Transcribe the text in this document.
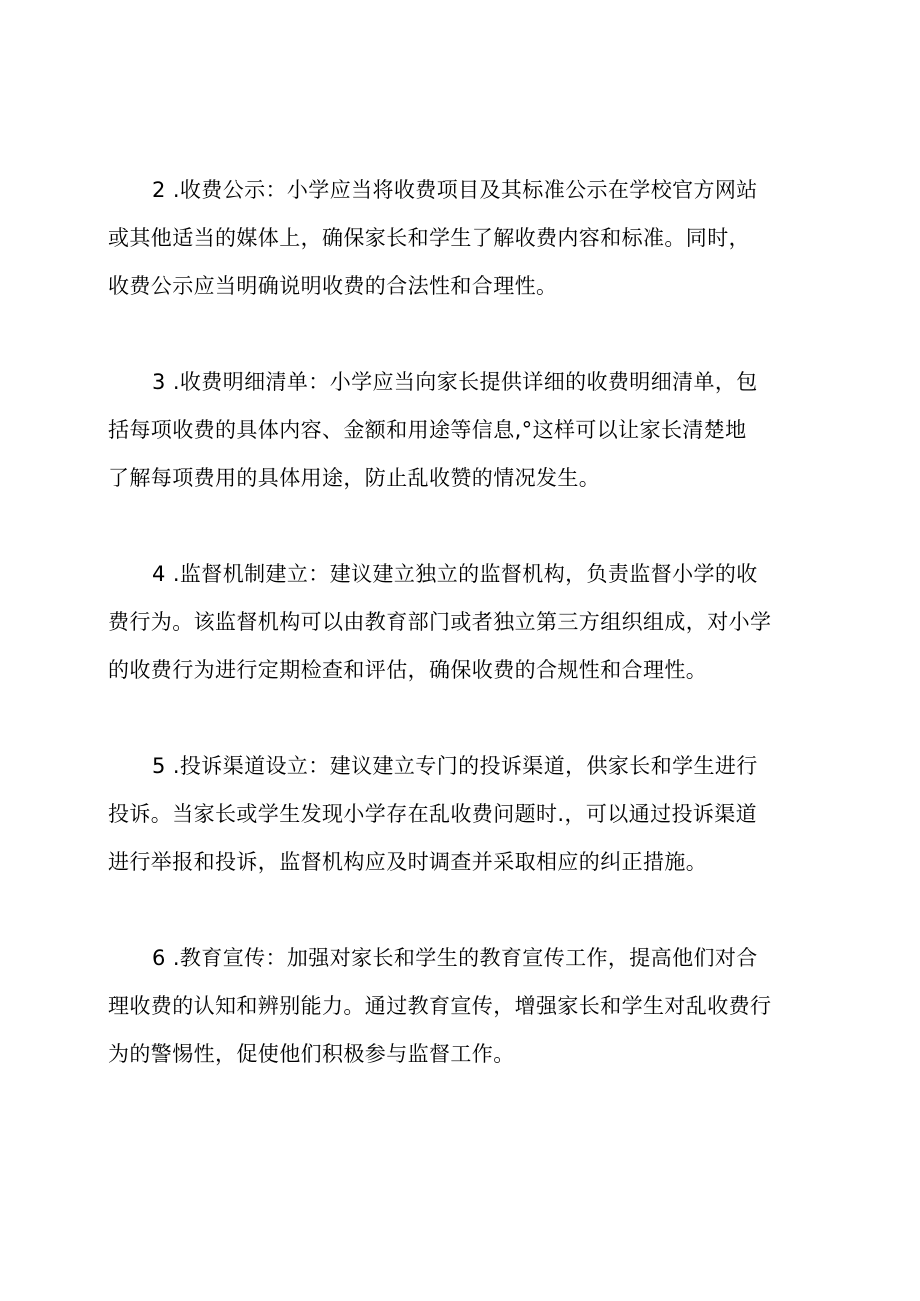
2 .收费公示：小学应当将收费项目及其标准公示在学校官方网站
或其他适当的媒体上，确保家长和学生了解收费内容和标准。同时，
收费公示应当明确说明收费的合法性和合理性。

3 .收费明细清单：小学应当向家长提供详细的收费明细清单，包
括每项收费的具体内容、金额和用途等信息,°这样可以让家长清楚地
了解每项费用的具体用途，防止乱收赞的情况发生。

4 .监督机制建立：建议建立独立的监督机构，负责监督小学的收
费行为。该监督机构可以由教育部门或者独立第三方组织组成，对小学
的收费行为进行定期检查和评估，确保收费的合规性和合理性。

5 .投诉渠道设立：建议建立专门的投诉渠道，供家长和学生进行
投诉。当家长或学生发现小学存在乱收费问题时.，可以通过投诉渠道
进行举报和投诉，监督机构应及时调查并采取相应的纠正措施。

6 .教育宣传：加强对家长和学生的教育宣传工作，提高他们对合
理收费的认知和辨别能力。通过教育宣传，增强家长和学生对乱收费行
为的警惕性，促使他们积极参与监督工作。
